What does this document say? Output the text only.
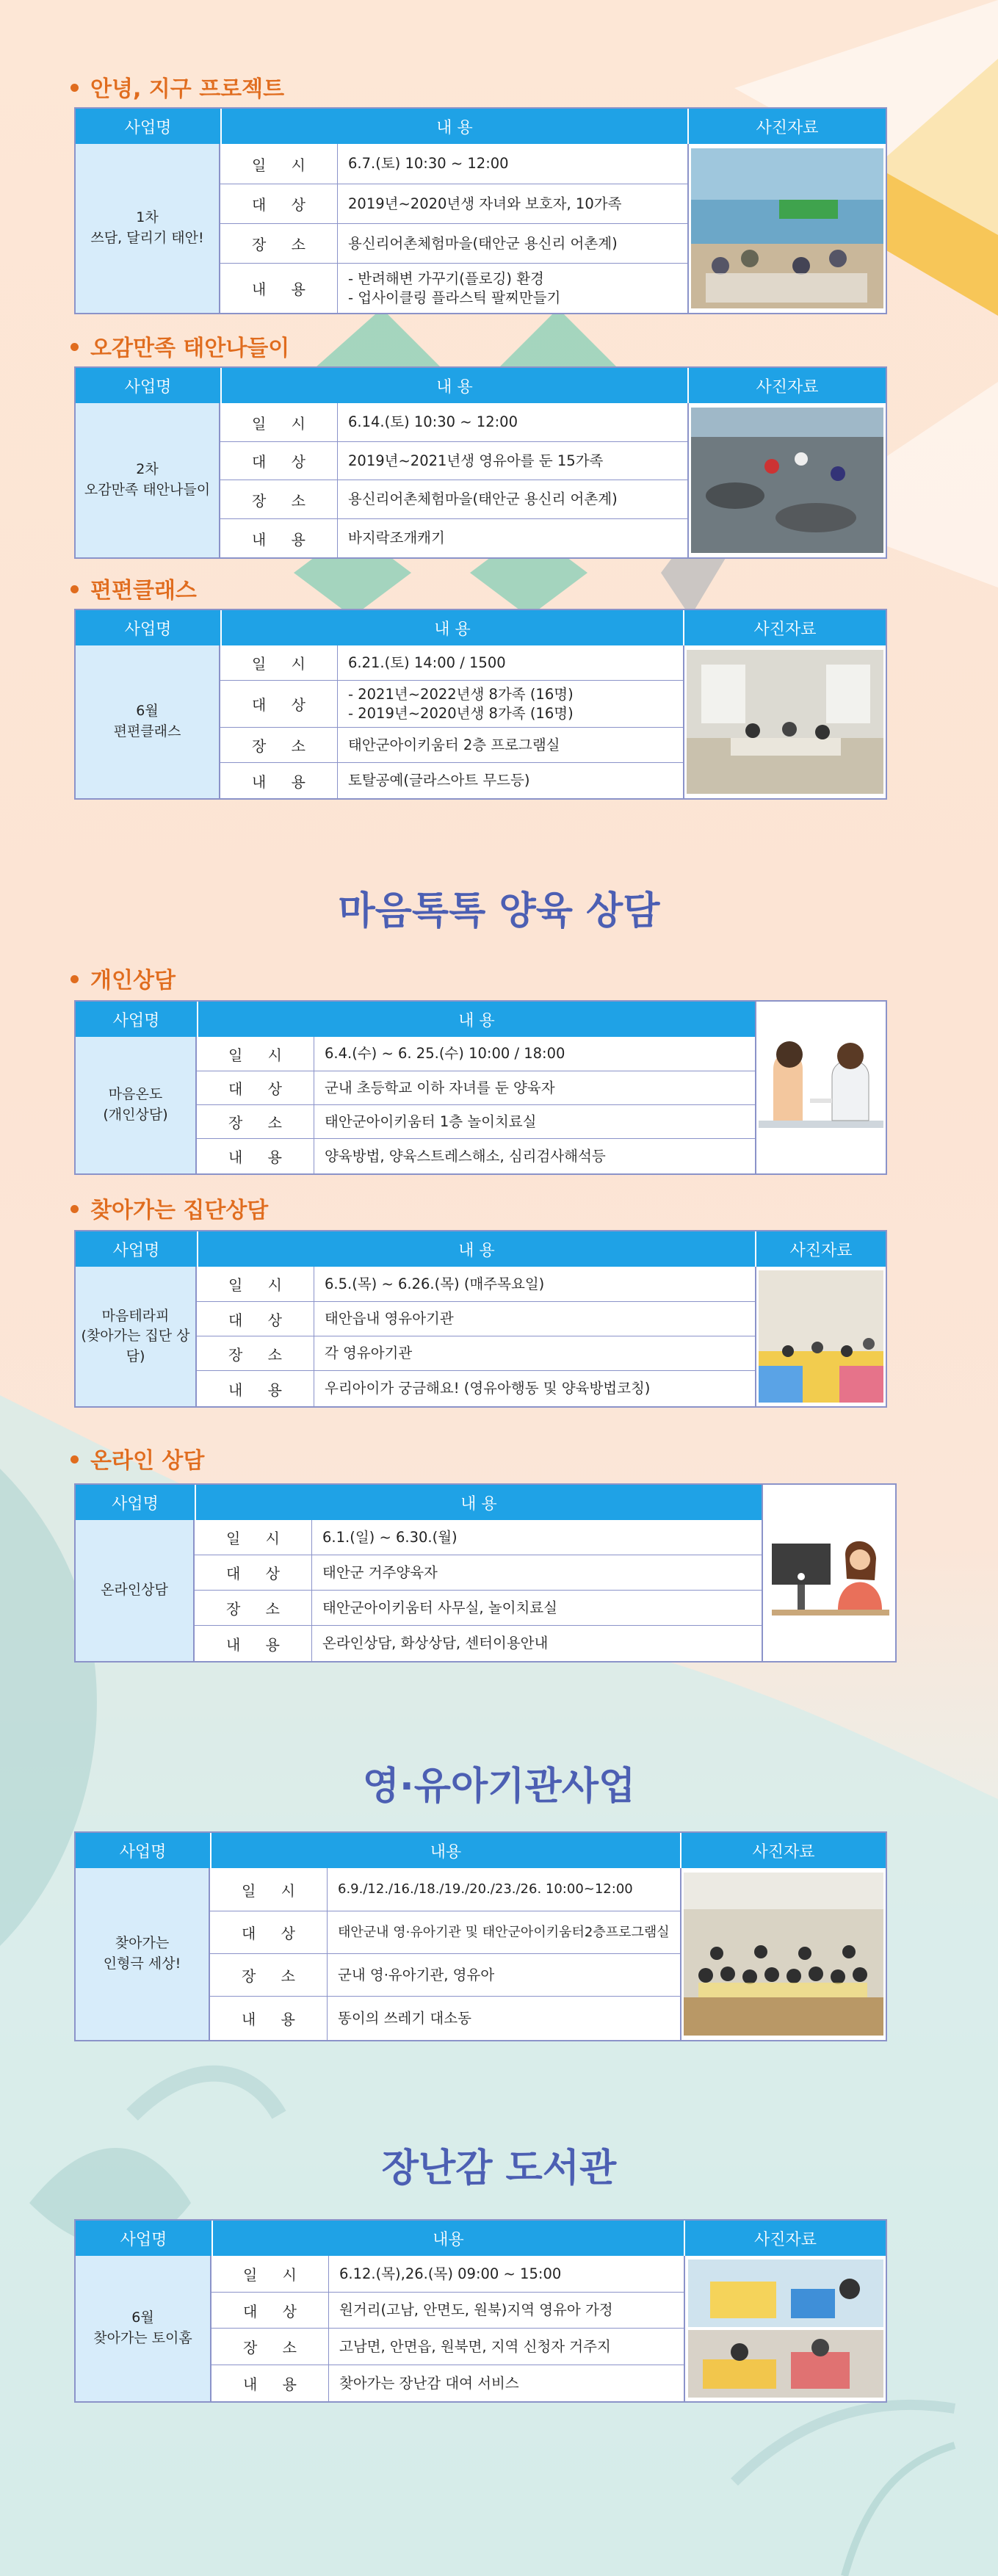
안녕, 지구 프로젝트
사업명	내 용	사진자료
1차
쓰담, 달리기 태안!
일 시	6.7.(토) 10:30 ~ 12:00
대 상	2019년~2020년생 자녀와 보호자, 10가족
장 소	용신리어촌체험마을(태안군 용신리 어촌계)
내 용
- 반려해변 가꾸기(플로깅) 환경
- 업사이클링 플라스틱 팔찌만들기
오감만족 태안나들이
사업명	내 용	사진자료
2차
오감만족 태안나들이
일 시	6.14.(토) 10:30 ~ 12:00
대 상	2019년~2021년생 영유아를 둔 15가족
장 소	용신리어촌체험마을(태안군 용신리 어촌계)
내 용	바지락조개캐기
편편클래스
사업명	내 용	사진자료
6월
편편클래스
일 시	6.21.(토) 14:00 / 1500
대 상
- 2021년~2022년생 8가족 (16명)
- 2019년~2020년생 8가족 (16명)
장 소	태안군아이키움터 2층 프로그램실
내 용	토탈공예(글라스아트 무드등)
마음톡톡 양육 상담
개인상담
사업명	내 용
마음온도
(개인상담)
일 시	6.4.(수) ~ 6. 25.(수) 10:00 / 18:00
대 상	군내 초등학교 이하 자녀를 둔 양육자
장 소	태안군아이키움터 1층 놀이치료실
내 용	양육방법, 양육스트레스해소, 심리검사해석등
찾아가는 집단상담
사업명	내 용	사진자료
마음테라피
(찾아가는 집단 상담)
일 시	6.5.(목) ~ 6.26.(목) (매주목요일)
대 상	태안읍내 영유아기관
장 소	각 영유아기관
내 용	우리아이가 궁금해요! (영유아행동 및 양육방법코칭)
온라인 상담
사업명	내 용
온라인상담
일 시	6.1.(일) ~ 6.30.(월)
대 상	태안군 거주양육자
장 소	태안군아이키움터 사무실, 놀이치료실
내 용	온라인상담, 화상상담, 센터이용안내
영·유아기관사업
사업명	내용	사진자료
찾아가는
인형극 세상!
일 시	6.9./12./16./18./19./20./23./26. 10:00~12:00
대 상	태안군내 영·유아기관 및 태안군아이키움터2층프로그램실
장 소	군내 영·유아기관, 영유아
내 용	똥이의 쓰레기 대소동
장난감 도서관
사업명	내용	사진자료
6월
찾아가는 토이홈
일 시	6.12.(목),26.(목) 09:00 ~ 15:00
대 상	원거리(고남, 안면도, 원북)지역 영유아 가정
장 소	고남면, 안면읍, 원북면, 지역 신청자 거주지
내 용	찾아가는 장난감 대여 서비스
